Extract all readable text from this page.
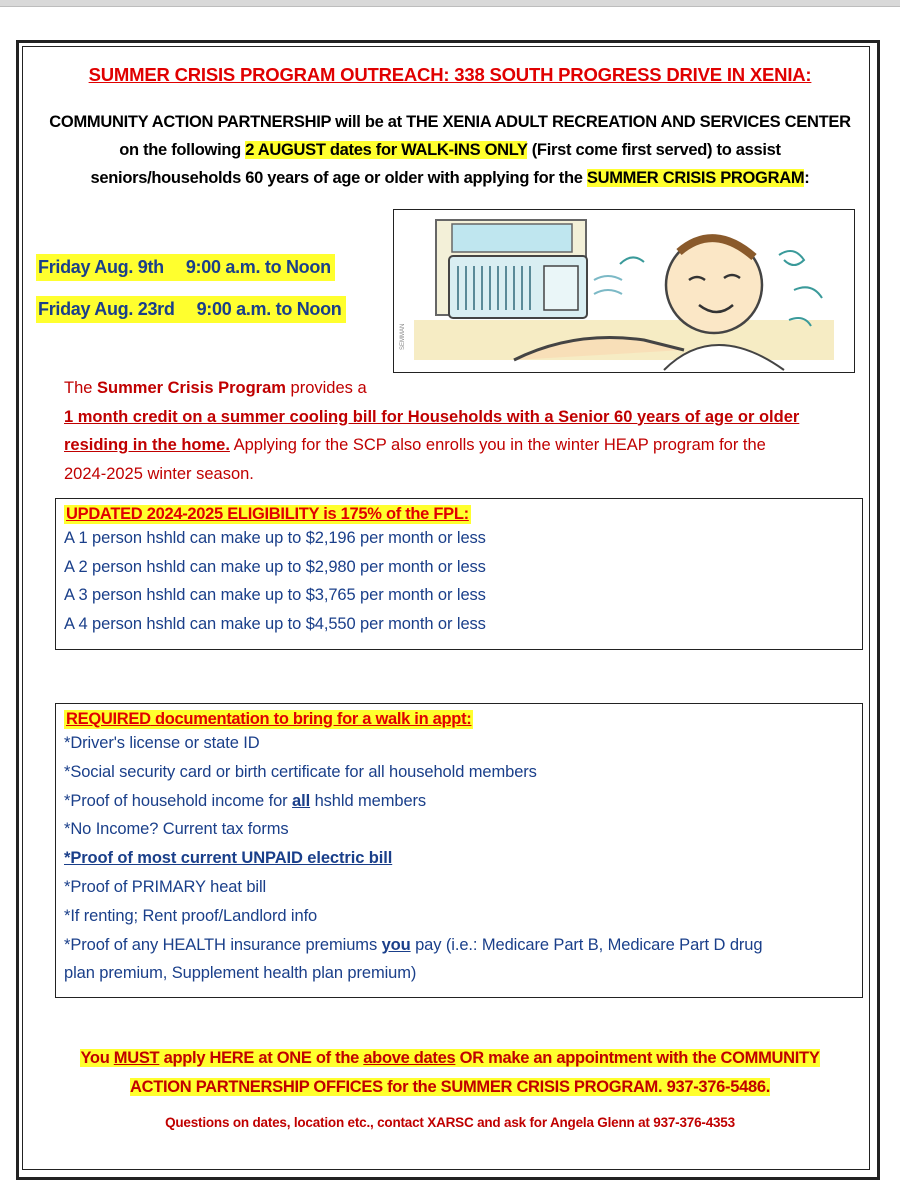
SUMMER CRISIS PROGRAM OUTREACH: 338 SOUTH PROGRESS DRIVE IN XENIA:
COMMUNITY ACTION PARTNERSHIP will be at THE XENIA ADULT RECREATION AND SERVICES CENTER
on the following 2 AUGUST dates for WALK-INS ONLY (First come first served) to assist
seniors/households 60 years of age or older with applying for the SUMMER CRISIS PROGRAM:
Friday Aug. 9th 9:00 a.m. to Noon
Friday Aug. 23rd 9:00 a.m. to Noon
SEMMAN
The Summer Crisis Program provides a
1 month credit on a summer cooling bill for Households with a Senior 60 years of age or older
residing in the home. Applying for the SCP also enrolls you in the winter HEAP program for the
2024-2025 winter season.
UPDATED 2024-2025 ELIGIBILITY is 175% of the FPL:
A 1 person hshld can make up to $2,196 per month or less
A 2 person hshld can make up to $2,980 per month or less
A 3 person hshld can make up to $3,765 per month or less
A 4 person hshld can make up to $4,550 per month or less
REQUIRED documentation to bring for a walk in appt:
*Driver's license or state ID
*Social security card or birth certificate for all household members
*Proof of household income for all hshld members
*No Income? Current tax forms
*Proof of most current UNPAID electric bill
*Proof of PRIMARY heat bill
*If renting; Rent proof/Landlord info
*Proof of any HEALTH insurance premiums you pay (i.e.: Medicare Part B, Medicare Part D drug
plan premium, Supplement health plan premium)
You MUST apply HERE at ONE of the above dates OR make an appointment with the COMMUNITY
ACTION PARTNERSHIP OFFICES for the SUMMER CRISIS PROGRAM. 937-376-5486.
Questions on dates, location etc., contact XARSC and ask for Angela Glenn at 937-376-4353
